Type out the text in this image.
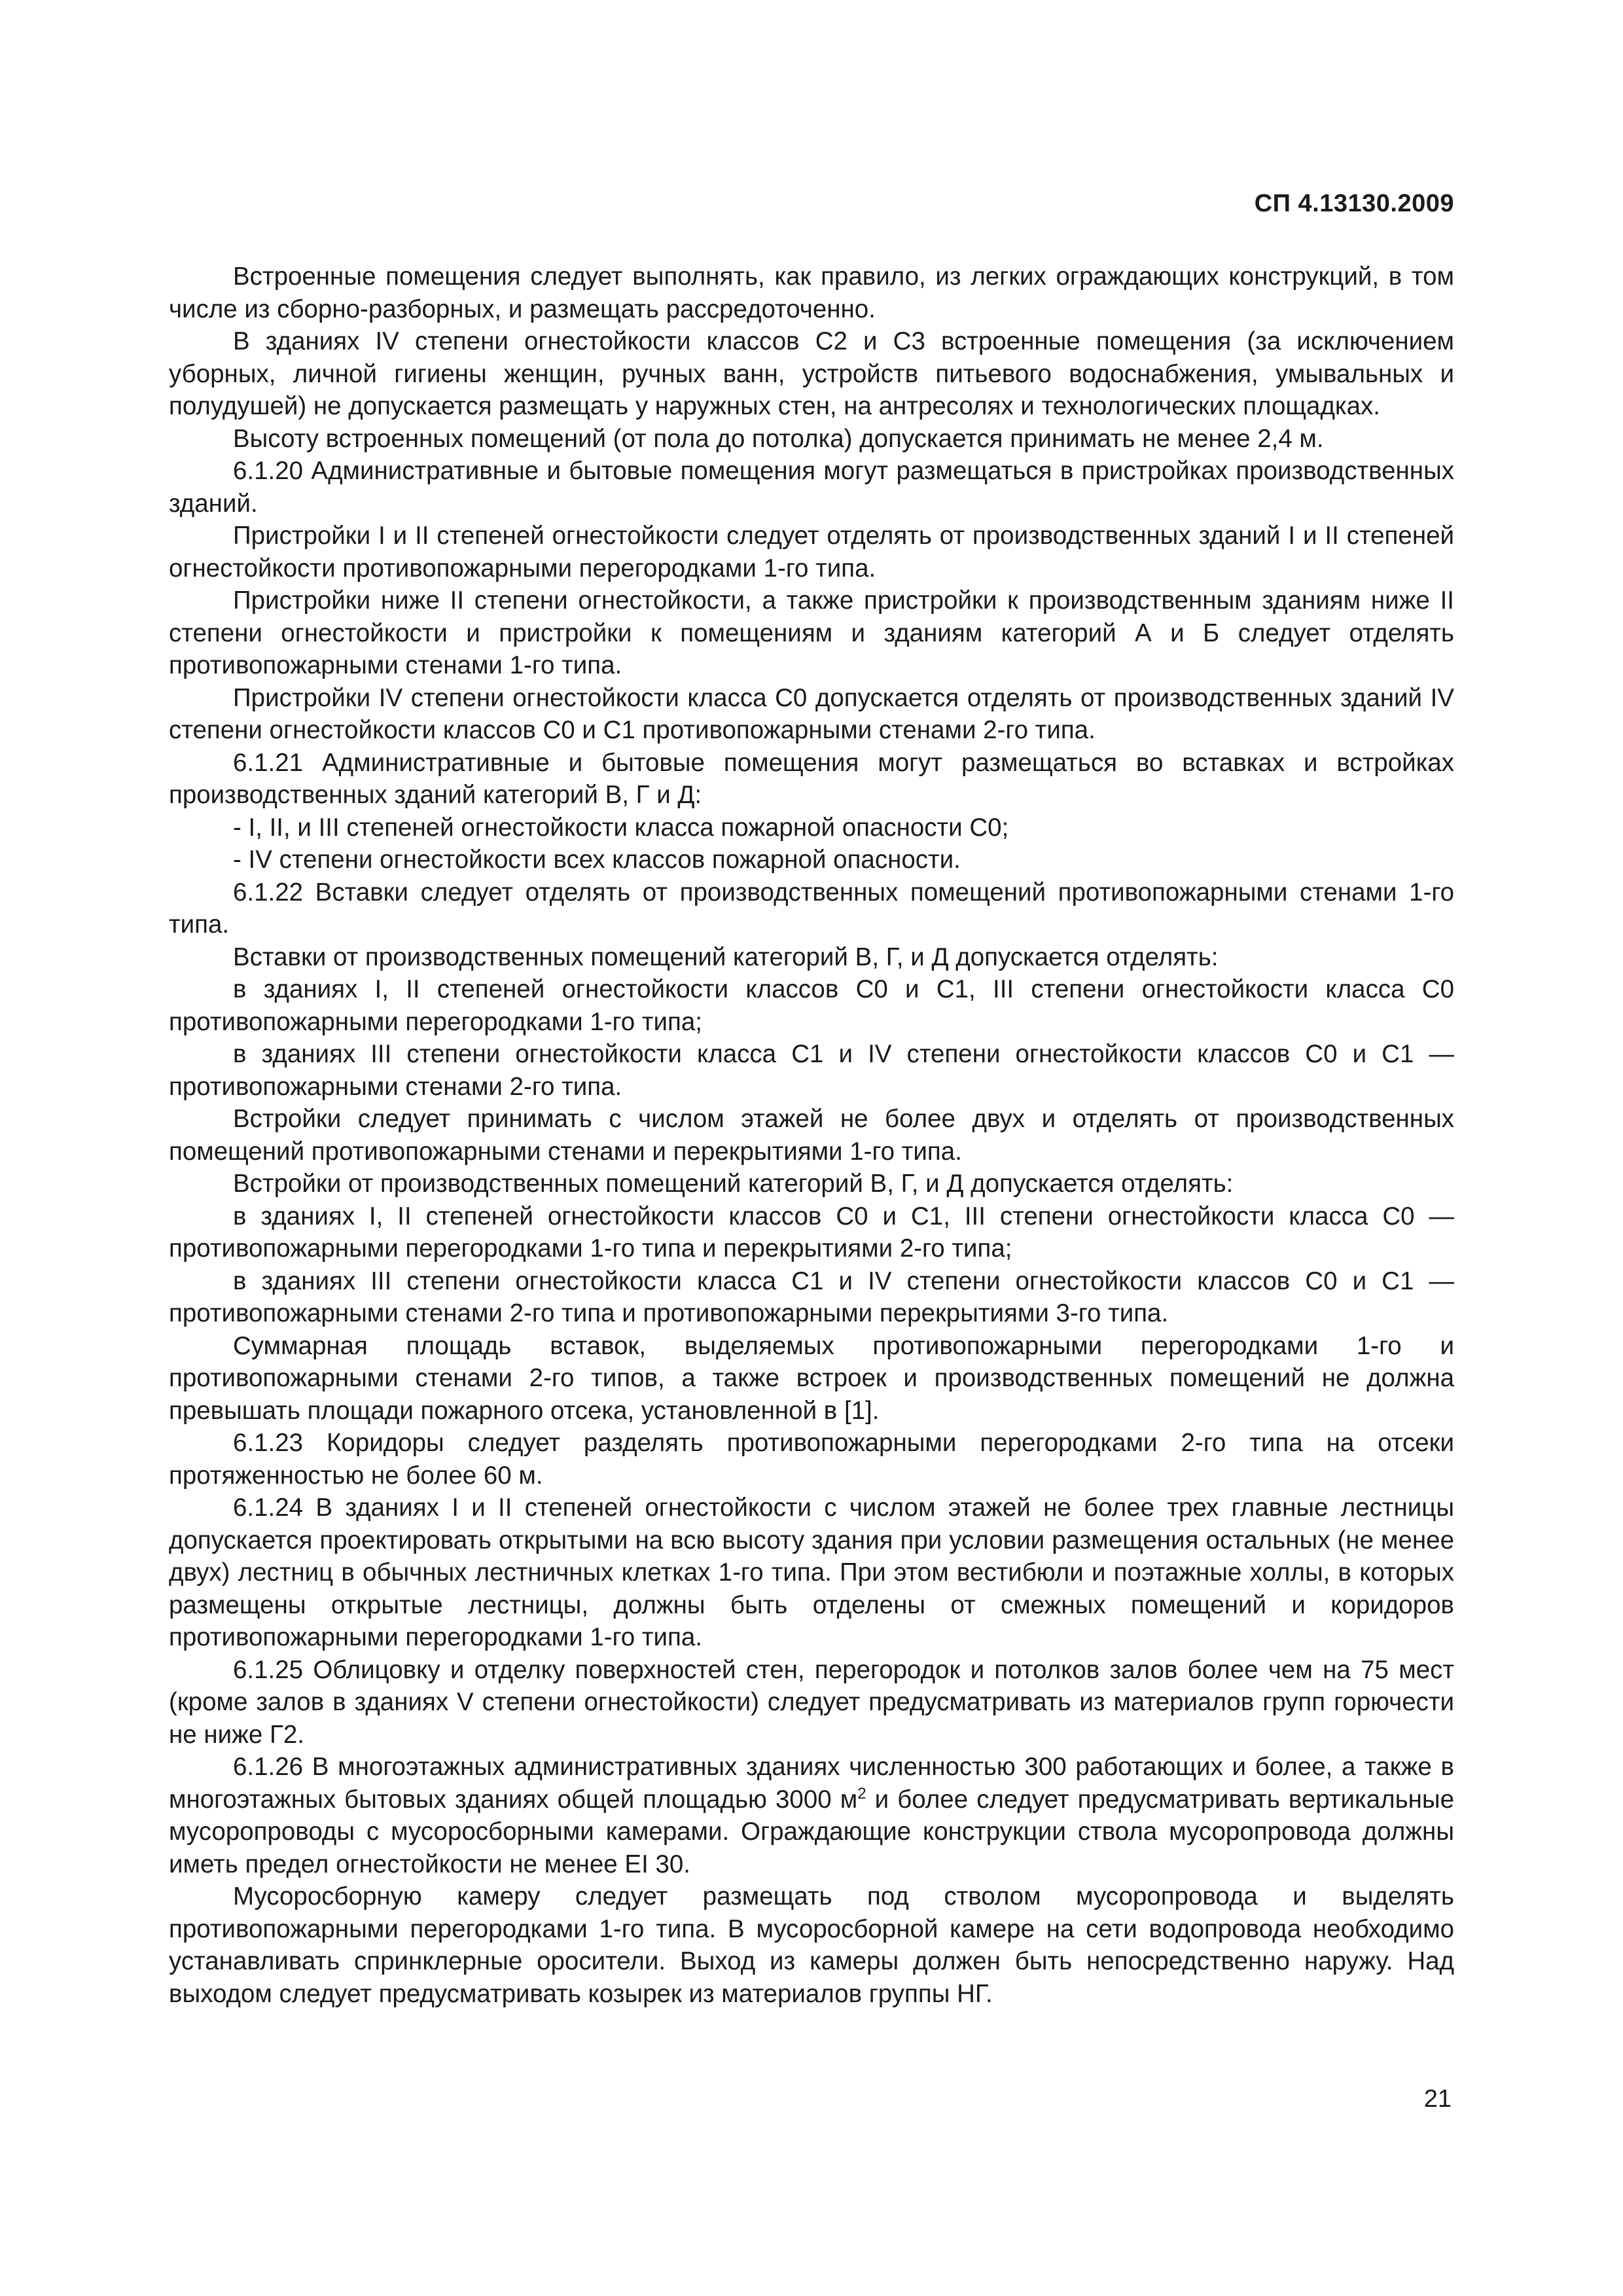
СП 4.13130.2009

Встроенные помещения следует выполнять, как правило, из легких ограждающих конструкций, в том числе из сборно-разборных, и размещать рассредоточенно.

В зданиях IV степени огнестойкости классов С2 и С3 встроенные помещения (за исключением уборных, личной гигиены женщин, ручных ванн, устройств питьевого водоснабжения, умывальных и полудушей) не допускается размещать у наружных стен, на антресолях и технологических площадках.

Высоту встроенных помещений (от пола до потолка) допускается принимать не менее 2,4 м.

6.1.20 Административные и бытовые помещения могут размещаться в пристройках производственных зданий.

Пристройки I и II степеней огнестойкости следует отделять от производственных зданий I и II степеней огнестойкости противопожарными перегородками 1-го типа.

Пристройки ниже II степени огнестойкости, а также пристройки к производственным зданиям ниже II степени огнестойкости и пристройки к помещениям и зданиям категорий А и Б следует отделять противопожарными стенами 1-го типа.

Пристройки IV степени огнестойкости класса С0 допускается отделять от производственных зданий IV степени огнестойкости классов С0 и С1 противопожарными стенами 2-го типа.

6.1.21 Административные и бытовые помещения могут размещаться во вставках и встройках производственных зданий категорий В, Г и Д:

- I, II, и III степеней огнестойкости класса пожарной опасности С0;

- IV степени огнестойкости всех классов пожарной опасности.

6.1.22 Вставки следует отделять от производственных помещений противопожарными стенами 1-го типа.

Вставки от производственных помещений категорий В, Г, и Д допускается отделять:

в зданиях I, II степеней огнестойкости классов С0 и С1, III степени огнестойкости класса С0 противопожарными перегородками 1-го типа;

в зданиях III степени огнестойкости класса С1 и IV степени огнестойкости классов С0 и С1 — противопожарными стенами 2-го типа.

Встройки следует принимать с числом этажей не более двух и отделять от производственных помещений противопожарными стенами и перекрытиями 1-го типа.

Встройки от производственных помещений категорий В, Г, и Д допускается отделять:

в зданиях I, II степеней огнестойкости классов С0 и С1, III степени огнестойкости класса С0 — противопожарными перегородками 1-го типа и перекрытиями 2-го типа;

в зданиях III степени огнестойкости класса С1 и IV степени огнестойкости классов С0 и С1 — противопожарными стенами 2-го типа и противопожарными перекрытиями 3-го типа.

Суммарная площадь вставок, выделяемых противопожарными перегородками 1-го и противопожарными стенами 2-го типов, а также встроек и производственных помещений не должна превышать площади пожарного отсека, установленной в [1].

6.1.23 Коридоры следует разделять противопожарными перегородками 2-го типа на отсеки протяженностью не более 60 м.

6.1.24 В зданиях I и II степеней огнестойкости с числом этажей не более трех главные лестницы допускается проектировать открытыми на всю высоту здания при условии размещения остальных (не менее двух) лестниц в обычных лестничных клетках 1-го типа. При этом вестибюли и поэтажные холлы, в которых размещены открытые лестницы, должны быть отделены от смежных помещений и коридоров противопожарными перегородками 1-го типа.

6.1.25 Облицовку и отделку поверхностей стен, перегородок и потолков залов более чем на 75 мест (кроме залов в зданиях V степени огнестойкости) следует предусматривать из материалов групп горючести не ниже Г2.

6.1.26 В многоэтажных административных зданиях численностью 300 работающих и более, а также в многоэтажных бытовых зданиях общей площадью 3000 $м^2$ и более следует предусматривать вертикальные мусоропроводы с мусоросборными камерами. Ограждающие конструкции ствола мусоропровода должны иметь предел огнестойкости не менее EI 30.

Мусоросборную камеру следует размещать под стволом мусоропровода и выделять противопожарными перегородками 1-го типа. В мусоросборной камере на сети водопровода необходимо устанавливать спринклерные оросители. Выход из камеры должен быть непосредственно наружу. Над выходом следует предусматривать козырек из материалов группы НГ.

21
